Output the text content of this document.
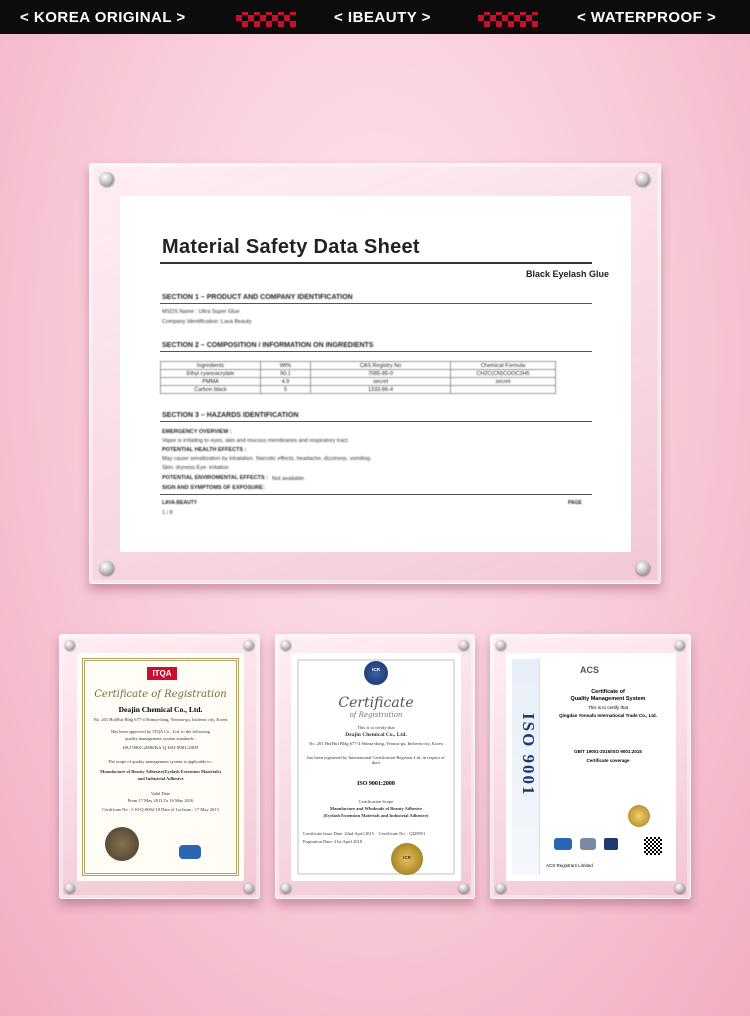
< KOREA ORIGINAL >	< IBEAUTY >	< WATERPROOF >
Material Safety Data Sheet
Black Eyelash Glue
SECTION 1 – PRODUCT AND COMPANY IDENTIFICATION
MSDS Name : Ultra Super Glue
Company Identification :Lava Beauty
SECTION 2 – COMPOSITION / INFORMATION ON INGREDIENTS
Ingredients	Wt%	CAS Registry No	Chemical Formula
Ethyl cyanoacrylate	90.1	7085-85-0	CH2C(CN)COOC2H5
PMMA	4.9	secret	secret
Carbon black	5	1333-86-4	
SECTION 3 – HAZARDS IDENTIFICATION
EMERGENCY OVERVIEW :
Vapor is irritating to eyes, skin and mucous membranes and respiratory tract.
POTENTIAL HEALTH EFFECTS :
May cause sensitization by inhalation. Narcotic effects, headache, dizziness, vomiting.
Skin: dryness Eye: irritation
POTENTIAL ENVIROMENTAL EFFECTS : Not available.
SIGN AND SYMPTOMS OF EXPOSURE:
LAVA-BEAUTY	PAGE
1 / 8
ITQA
Certificate of Registration
Deajin Chemical Co., Ltd.
No. 201 Ho(Hu) Bldg 677-4 Shinsa-dong, Yeonsu-gu, Incheon city, Korea
Has been approved by ITQA Co., Ltd. to the following
quality management system standards :
ISO 9001:2008/KS Q ISO 9001:2009
The scope of quality management system is applicable to :
Manufacture of Beauty Adhesive(Eyelash Extension Materials)
and Industrial Adhesive
Valid Date
From 17 May 2013 To 16 May 2016
Certificate No : I-10-Q-0002-18 Date of 1st Issue : 17 May 2013
ICR
Certificate
of Registration
This is to certify that
Deajin Chemical Co., Ltd.
No. 201 Ho(Hu) Bldg 677-4 Shinsa-dong, Yeonsu-gu, Incheon city, Korea
has been registered by International Certification Registrar Ltd. in respect of their
ISO 9001:2008
Certification Scope
Manufacture and Wholesale of Beauty Adhesive
(Eyelash Extension Materials and Industrial Adhesive)
Certificate Issue Date: 22nd April 2015	Certificate No. : QI29951
Expiration Date: 21st April 2018
ICR
ISO 9001
ACS
Certificate of
Quality Management System
This is to certify that
Qingdao Yonnafu International Trade Co., Ltd.
GB/T 19001-2016/ISO 9001:2015
Certificate coverage
ACS Registrars Limited
